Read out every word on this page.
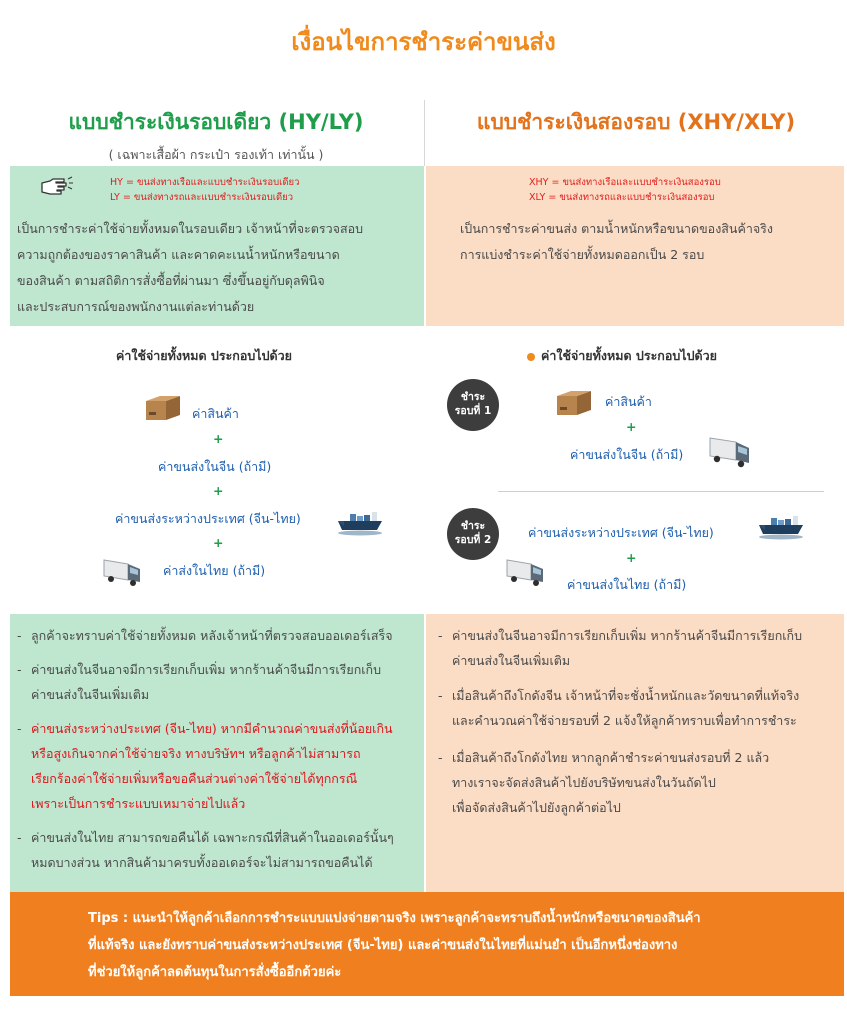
เงื่อนไขการชำระค่าขนส่ง
แบบชำระเงินรอบเดียว (HY/LY)
( เฉพาะเสื้อผ้า กระเป๋า รองเท้า เท่านั้น )
แบบชำระเงินสองรอบ (XHY/XLY)
HY = ขนส่งทางเรือและแบบชำระเงินรอบเดียว
LY = ขนส่งทางรถและแบบชำระเงินรอบเดียว
XHY = ขนส่งทางเรือและแบบชำระเงินสองรอบ
XLY = ขนส่งทางรถและแบบชำระเงินสองรอบ
เป็นการชำระค่าใช้จ่ายทั้งหมดในรอบเดียว เจ้าหน้าที่จะตรวจสอบ
ความถูกต้องของราคาสินค้า และคาดคะเนน้ำหนักหรือขนาด
ของสินค้า ตามสถิติการสั่งซื้อที่ผ่านมา ซึ่งขึ้นอยู่กับดุลพินิจ
และประสบการณ์ของพนักงานแต่ละท่านด้วย
เป็นการชำระค่าขนส่ง ตามน้ำหนักหรือขนาดของสินค้าจริง
การแบ่งชำระค่าใช้จ่ายทั้งหมดออกเป็น 2 รอบ
ค่าใช้จ่ายทั้งหมด ประกอบไปด้วย
ค่าสินค้า
+
ค่าขนส่งในจีน (ถ้ามี)
+
ค่าขนส่งระหว่างประเทศ (จีน-ไทย)
+
ค่าส่งในไทย (ถ้ามี)
ค่าใช้จ่ายทั้งหมด ประกอบไปด้วย
ชำระ
รอบที่ 1
ค่าสินค้า
+
ค่าขนส่งในจีน (ถ้ามี)
ชำระ
รอบที่ 2	ค่าขนส่งระหว่างประเทศ (จีน-ไทย)
+
ค่าขนส่งในไทย (ถ้ามี)
- ลูกค้าจะทราบค่าใช้จ่ายทั้งหมด หลังเจ้าหน้าที่ตรวจสอบออเดอร์เสร็จ
- ค่าขนส่งในจีนอาจมีการเรียกเก็บเพิ่ม หากร้านค้าจีนมีการเรียกเก็บ
ค่าขนส่งในจีนเพิ่มเติม
- ค่าขนส่งระหว่างประเทศ (จีน-ไทย) หากมีคำนวณค่าขนส่งที่น้อยเกิน
หรือสูงเกินจากค่าใช้จ่ายจริง ทางบริษัทฯ หรือลูกค้าไม่สามารถ
เรียกร้องค่าใช้จ่ายเพิ่มหรือขอคืนส่วนต่างค่าใช้จ่ายได้ทุกกรณี
เพราะเป็นการชำระแบบเหมาจ่ายไปแล้ว
- ค่าขนส่งในไทย สามารถขอคืนได้ เฉพาะกรณีที่สินค้าในออเดอร์นั้นๆ
หมดบางส่วน หากสินค้ามาครบทั้งออเดอร์จะไม่สามารถขอคืนได้
- ค่าขนส่งในจีนอาจมีการเรียกเก็บเพิ่ม หากร้านค้าจีนมีการเรียกเก็บ
ค่าขนส่งในจีนเพิ่มเติม
- เมื่อสินค้าถึงโกดังจีน เจ้าหน้าที่จะชั่งน้ำหนักและวัดขนาดที่แท้จริง
และคำนวณค่าใช้จ่ายรอบที่ 2 แจ้งให้ลูกค้าทราบเพื่อทำการชำระ
- เมื่อสินค้าถึงโกดังไทย หากลูกค้าชำระค่าขนส่งรอบที่ 2 แล้ว
ทางเราจะจัดส่งสินค้าไปยังบริษัทขนส่งในวันถัดไป
เพื่อจัดส่งสินค้าไปยังลูกค้าต่อไป
Tips : แนะนำให้ลูกค้าเลือกการชำระแบบแบ่งจ่ายตามจริง เพราะลูกค้าจะทราบถึงน้ำหนักหรือขนาดของสินค้า
ที่แท้จริง และยังทราบค่าขนส่งระหว่างประเทศ (จีน-ไทย) และค่าขนส่งในไทยที่แม่นยำ เป็นอีกหนึ่งช่องทาง
ที่ช่วยให้ลูกค้าลดต้นทุนในการสั่งซื้ออีกด้วยค่ะ
